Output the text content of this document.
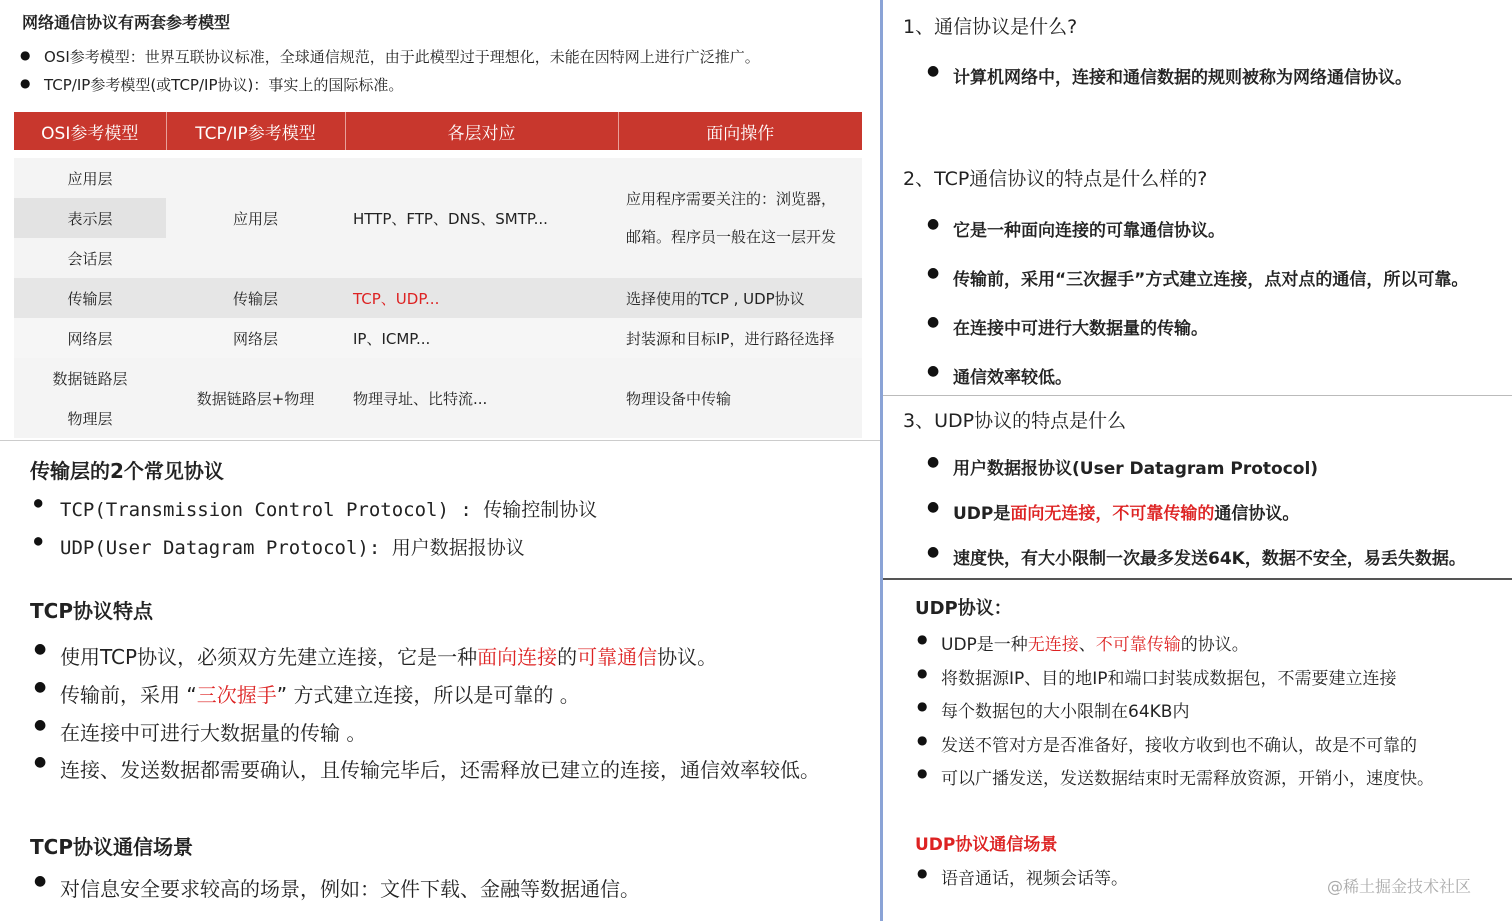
网络通信协议有两套参考模型
● OSI参考模型：世界互联协议标准，全球通信规范，由于此模型过于理想化，未能在因特网上进行广泛推广。
● TCP/IP参考模型(或TCP/IP协议)：事实上的国际标准。
OSI参考模型	TCP/IP参考模型	各层对应	面向操作

应用层	应用层	HTTP、FTP、DNS、SMTP...	应用程序需要关注的：浏览器，
邮箱。程序员一般在这一层开发

表示层			
会话层			
传输层	传输层	TCP、UDP...	选择使用的TCP , UDP协议
网络层	网络层	IP、ICMP...	封装源和目标IP，进行路径选择
数据链路层	数据链路层+物理	物理寻址、比特流...	物理设备中传输
物理层			
传输层的2个常见协议
● TCP(Transmission Control Protocol) : 传输控制协议
● UDP(User Datagram Protocol): 用户数据报协议
TCP协议特点
● 使用TCP协议，必须双方先建立连接，它是一种面向连接的可靠通信协议。
● 传输前，采用 “三次握手” 方式建立连接，所以是可靠的 。
● 在连接中可进行大数据量的传输 。
● 连接、发送数据都需要确认，且传输完毕后，还需释放已建立的连接，通信效率较低。
TCP协议通信场景
● 对信息安全要求较高的场景，例如：文件下载、金融等数据通信。
1、通信协议是什么?
● 计算机网络中，连接和通信数据的规则被称为网络通信协议。
2、TCP通信协议的特点是什么样的?
● 它是一种面向连接的可靠通信协议。
● 传输前，采用“三次握手”方式建立连接，点对点的通信，所以可靠。
● 在连接中可进行大数据量的传输。
● 通信效率较低。
3、UDP协议的特点是什么
● 用户数据报协议(User Datagram Protocol)
● UDP是面向无连接，不可靠传输的通信协议。
● 速度快，有大小限制一次最多发送64K，数据不安全，易丢失数据。
UDP协议：
● UDP是一种无连接、不可靠传输的协议。
● 将数据源IP、目的地IP和端口封装成数据包，不需要建立连接
● 每个数据包的大小限制在64KB内
● 发送不管对方是否准备好，接收方收到也不确认，故是不可靠的
● 可以广播发送，发送数据结束时无需释放资源，开销小，速度快。
UDP协议通信场景
● 语音通话，视频会话等。	@稀土掘金技术社区
